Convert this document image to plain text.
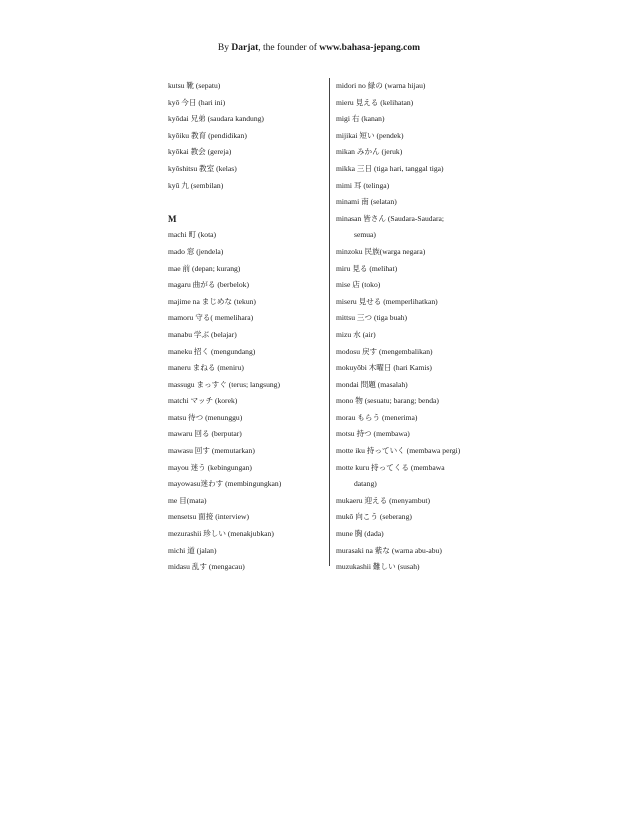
By Darjat, the founder of www.bahasa-jepang.com
kutsu 靴 (sepatu)
kyō 今日 (hari ini)
kyōdai 兄弟 (saudara kandung)
kyōiku 教育 (pendidikan)
kyōkai 教会 (gereja)
kyōshitsu 教室 (kelas)
kyū 九 (sembilan)
M
machi 町 (kota)
mado 窓 (jendela)
mae 前 (depan; kurang)
magaru 曲がる (berbelok)
majime na まじめな (tekun)
mamoru 守る( memelihara)
manabu 学ぶ (belajar)
maneku 招く (mengundang)
maneru まねる (meniru)
massugu まっすぐ (terus; langsung)
matchi マッチ (korek)
matsu 待つ (menunggu)
mawaru 回る (berputar)
mawasu 回す (memutarkan)
mayou 迷う (kebingungan)
mayowasu迷わす (membingungkan)
me 目(mata)
mensetsu 面接 (interview)
mezurashii 珍しい (menakjubkan)
michi 道 (jalan)
midasu 乱す (mengacau)
midori no 緑の (warna hijau)
mieru 見える (kelihatan)
migi 右 (kanan)
mijikai 短い (pendek)
mikan みかん (jeruk)
mikka 三日 (tiga hari, tanggal tiga)
mimi 耳 (telinga)
minami 南 (selatan)
minasan 皆さん (Saudara-Saudara;
semua)
minzoku 民族(warga negara)
miru 見る (melihat)
mise 店 (toko)
miseru 見せる (memperlihatkan)
mittsu 三つ (tiga buah)
mizu 水 (air)
modosu 戻す (mengembalikan)
mokuyōbi 木曜日 (hari Kamis)
mondai 問題 (masalah)
mono 物 (sesuatu; barang; benda)
morau もらう (menerima)
motsu 持つ (membawa)
motte iku 持っていく (membawa pergi)
motte kuru 持ってくる (membawa
datang)
mukaeru 迎える (menyambut)
mukō 向こう (seberang)
mune 胸 (dada)
murasaki na 紫な (warna abu-abu)
muzukashii 難しい (susah)
